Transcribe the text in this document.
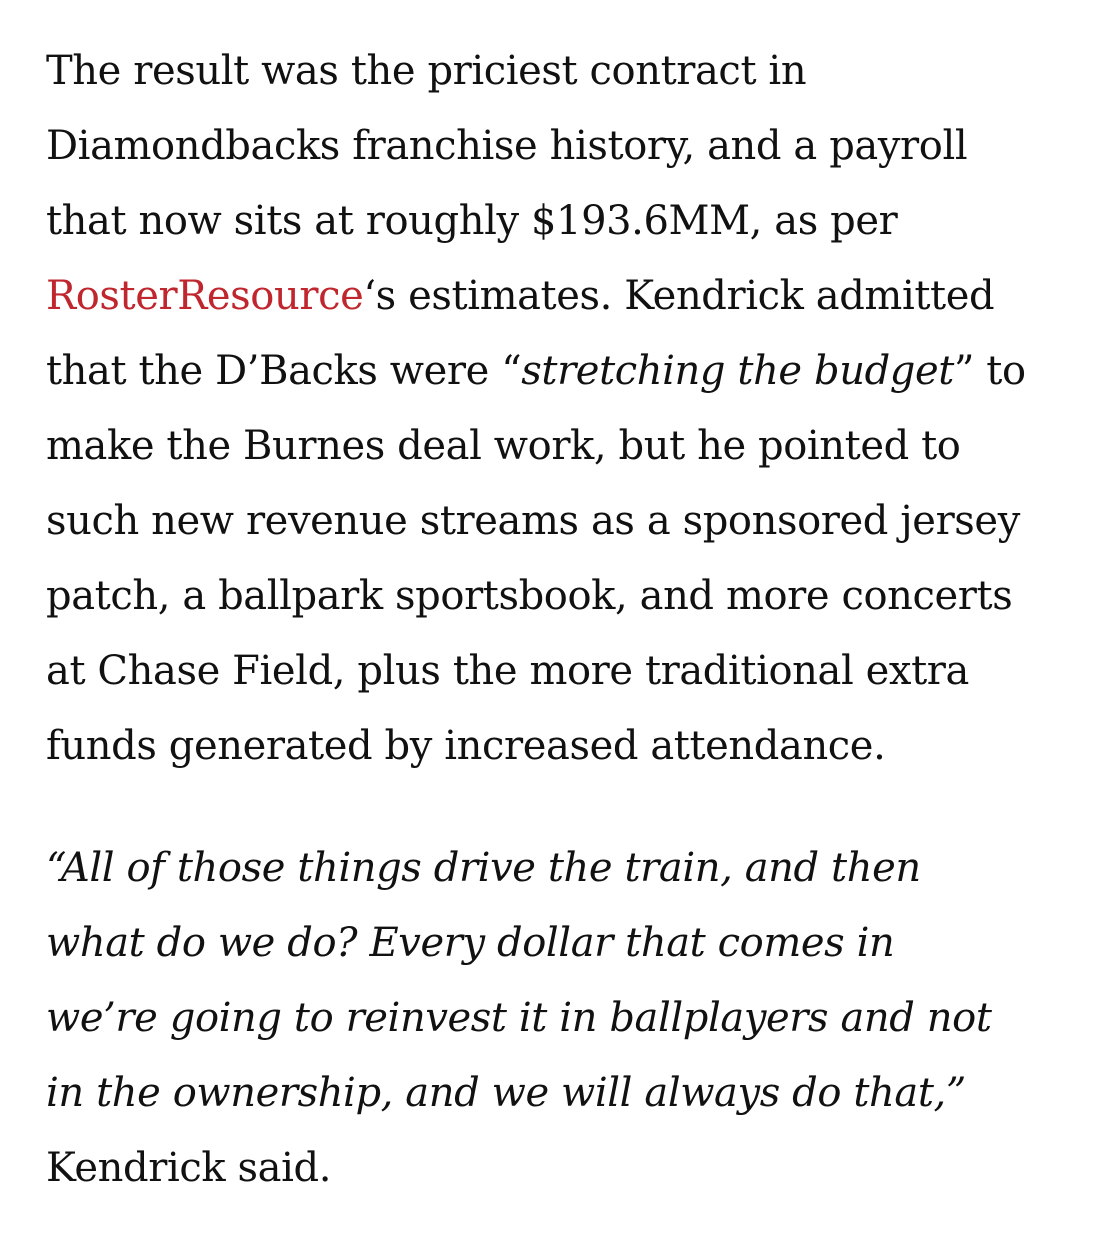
The result was the priciest contract in
Diamondbacks franchise history, and a payroll
that now sits at roughly $193.6MM, as per
RosterResource‘s estimates. Kendrick admitted
that the D’Backs were “stretching the budget” to
make the Burnes deal work, but he pointed to
such new revenue streams as a sponsored jersey
patch, a ballpark sportsbook, and more concerts
at Chase Field, plus the more traditional extra
funds generated by increased attendance.

“All of those things drive the train, and then
what do we do? Every dollar that comes in
we’re going to reinvest it in ballplayers and not
in the ownership, and we will always do that,”
Kendrick said.
